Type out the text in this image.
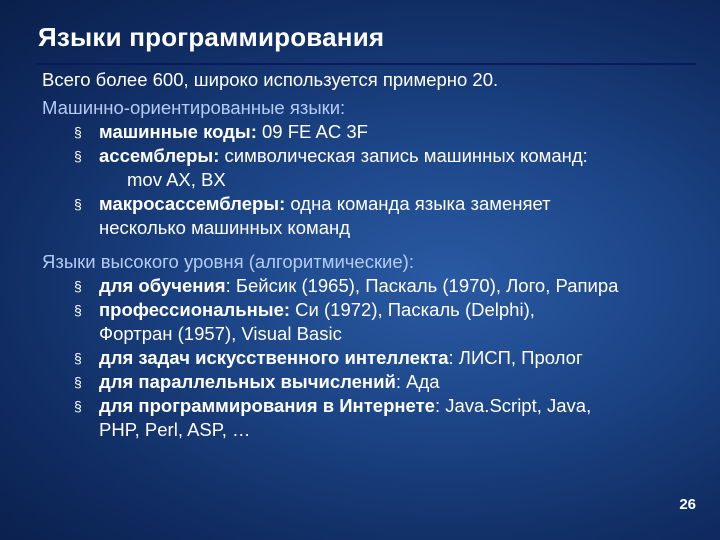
Языки программирования
Всего более 600, широко используется примерно 20.
Машинно-ориентированные языки:
§ машинные коды: 09 FE AC 3F
§ ассемблеры: символическая запись машинных команд:
mov AX, BX
§ макросассемблеры: одна команда языка заменяет
несколько машинных команд
Языки высокого уровня (алгоритмические):
§ для обучения: Бейсик (1965), Паскаль (1970), Лого, Рапира
§ профессиональные: Си (1972), Паскаль (Delphi),
Фортран (1957), Visual Basic
§ для задач искусственного интеллекта: ЛИСП, Пролог
§ для параллельных вычислений: Ада
§ для программирования в Интернете: Java.Script, Java,
PHP, Perl, ASP, …
26
